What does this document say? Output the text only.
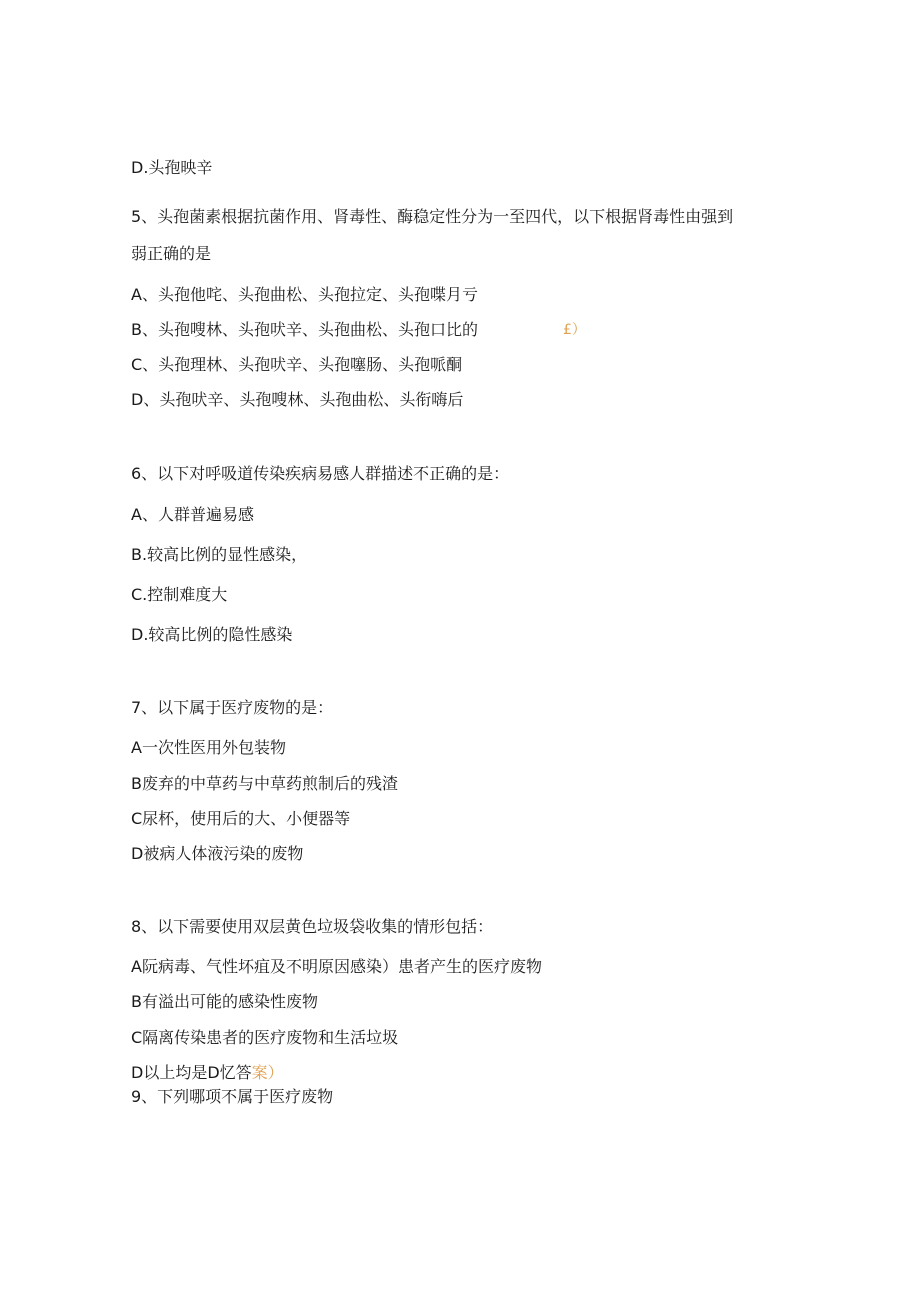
D.头孢映辛

5、头孢菌素根据抗菌作用、肾毒性、酶稳定性分为一至四代，以下根据肾毒性由强到

弱正确的是

A、头孢他咤、头孢曲松、头孢拉定、头孢喋月亏

B、头孢嗖林、头孢吠辛、头孢曲松、头孢口比的	£）

C、头孢理林、头孢吠辛、头孢噻肠、头孢哌酮

D、头孢吠辛、头孢嗖林、头孢曲松、头衔嗨后

6、以下对呼吸道传染疾病易感人群描述不正确的是：

A、人群普遍易感

B.较高比例的显性感染，

C.控制难度大

D.较高比例的隐性感染

7、以下属于医疗废物的是：

A一次性医用外包装物

B废弃的中草药与中草药煎制后的残渣

C尿杯，使用后的大、小便器等

D被病人体液污染的废物

8、以下需要使用双层黄色垃圾袋收集的情形包括：

A阮病毒、气性坏疽及不明原因感染）患者产生的医疗废物

B有溢出可能的感染性废物

C隔离传染患者的医疗废物和生活垃圾

D以上均是D忆答案）

9、下列哪项不属于医疗废物
